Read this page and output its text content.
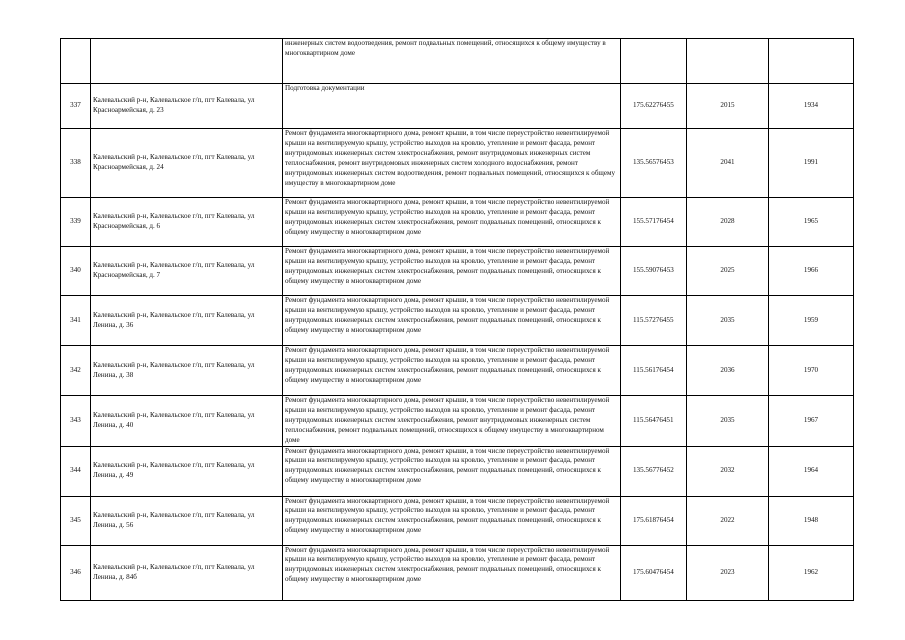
		инженерных систем водоотведения, ремонт подвальных помещений, относящихся к общему имуществу в многоквартирном доме			
337	Калевальский р-н, Калевальское г/п, пгт Калевала, ул Красноармейская, д. 23	Подготовка документации	175.62276455	2015	1934
338	Калевальский р-н, Калевальское г/п, пгт Калевала, ул Красноармейская, д. 24	Ремонт фундамента многоквартирного дома, ремонт крыши, в том числе переустройство невентилируемой крыши на вентилируемую крышу, устройство выходов на кровлю, утепление и ремонт фасада, ремонт внутридомовых инженерных систем электроснабжения, ремонт внутридомовых инженерных систем теплоснабжения, ремонт внутридомовых инженерных систем холодного водоснабжения, ремонт внутридомовых инженерных систем водоотведения, ремонт подвальных помещений, относящихся к общему имуществу в многоквартирном доме	135.56576453	2041	1991
339	Калевальский р-н, Калевальское г/п, пгт Калевала, ул Красноармейская, д. 6	Ремонт фундамента многоквартирного дома, ремонт крыши, в том числе переустройство невентилируемой крыши на вентилируемую крышу, устройство выходов на кровлю, утепление и ремонт фасада, ремонт внутридомовых инженерных систем электроснабжения, ремонт подвальных помещений, относящихся к общему имуществу в многоквартирном доме	155.57176454	2028	1965
340	Калевальский р-н, Калевальское г/п, пгт Калевала, ул Красноармейская, д. 7	Ремонт фундамента многоквартирного дома, ремонт крыши, в том числе переустройство невентилируемой крыши на вентилируемую крышу, устройство выходов на кровлю, утепление и ремонт фасада, ремонт внутридомовых инженерных систем электроснабжения, ремонт подвальных помещений, относящихся к общему имуществу в многоквартирном доме	155.59076453	2025	1966
341	Калевальский р-н, Калевальское г/п, пгт Калевала, ул Ленина, д. 36	Ремонт фундамента многоквартирного дома, ремонт крыши, в том числе переустройство невентилируемой крыши на вентилируемую крышу, устройство выходов на кровлю, утепление и ремонт фасада, ремонт внутридомовых инженерных систем электроснабжения, ремонт подвальных помещений, относящихся к общему имуществу в многоквартирном доме	115.57276455	2035	1959
342	Калевальский р-н, Калевальское г/п, пгт Калевала, ул Ленина, д. 38	Ремонт фундамента многоквартирного дома, ремонт крыши, в том числе переустройство невентилируемой крыши на вентилируемую крышу, устройство выходов на кровлю, утепление и ремонт фасада, ремонт внутридомовых инженерных систем электроснабжения, ремонт подвальных помещений, относящихся к общему имуществу в многоквартирном доме	115.56176454	2036	1970
343	Калевальский р-н, Калевальское г/п, пгт Калевала, ул Ленина, д. 40	Ремонт фундамента многоквартирного дома, ремонт крыши, в том числе переустройство невентилируемой крыши на вентилируемую крышу, устройство выходов на кровлю, утепление и ремонт фасада, ремонт внутридомовых инженерных систем электроснабжения, ремонт внутридомовых инженерных систем теплоснабжения, ремонт подвальных помещений, относящихся к общему имуществу в многоквартирном доме	115.56476451	2035	1967
344	Калевальский р-н, Калевальское г/п, пгт Калевала, ул Ленина, д. 49	Ремонт фундамента многоквартирного дома, ремонт крыши, в том числе переустройство невентилируемой крыши на вентилируемую крышу, устройство выходов на кровлю, утепление и ремонт фасада, ремонт внутридомовых инженерных систем электроснабжения, ремонт подвальных помещений, относящихся к общему имуществу в многоквартирном доме	135.56776452	2032	1964
345	Калевальский р-н, Калевальское г/п, пгт Калевала, ул Ленина, д. 56	Ремонт фундамента многоквартирного дома, ремонт крыши, в том числе переустройство невентилируемой крыши на вентилируемую крышу, устройство выходов на кровлю, утепление и ремонт фасада, ремонт внутридомовых инженерных систем электроснабжения, ремонт подвальных помещений, относящихся к общему имуществу в многоквартирном доме	175.61876454	2022	1948
346	Калевальский р-н, Калевальское г/п, пгт Калевала, ул Ленина, д. 84б	Ремонт фундамента многоквартирного дома, ремонт крыши, в том числе переустройство невентилируемой крыши на вентилируемую крышу, устройство выходов на кровлю, утепление и ремонт фасада, ремонт внутридомовых инженерных систем электроснабжения, ремонт подвальных помещений, относящихся к общему имуществу в многоквартирном доме	175.60476454	2023	1962
